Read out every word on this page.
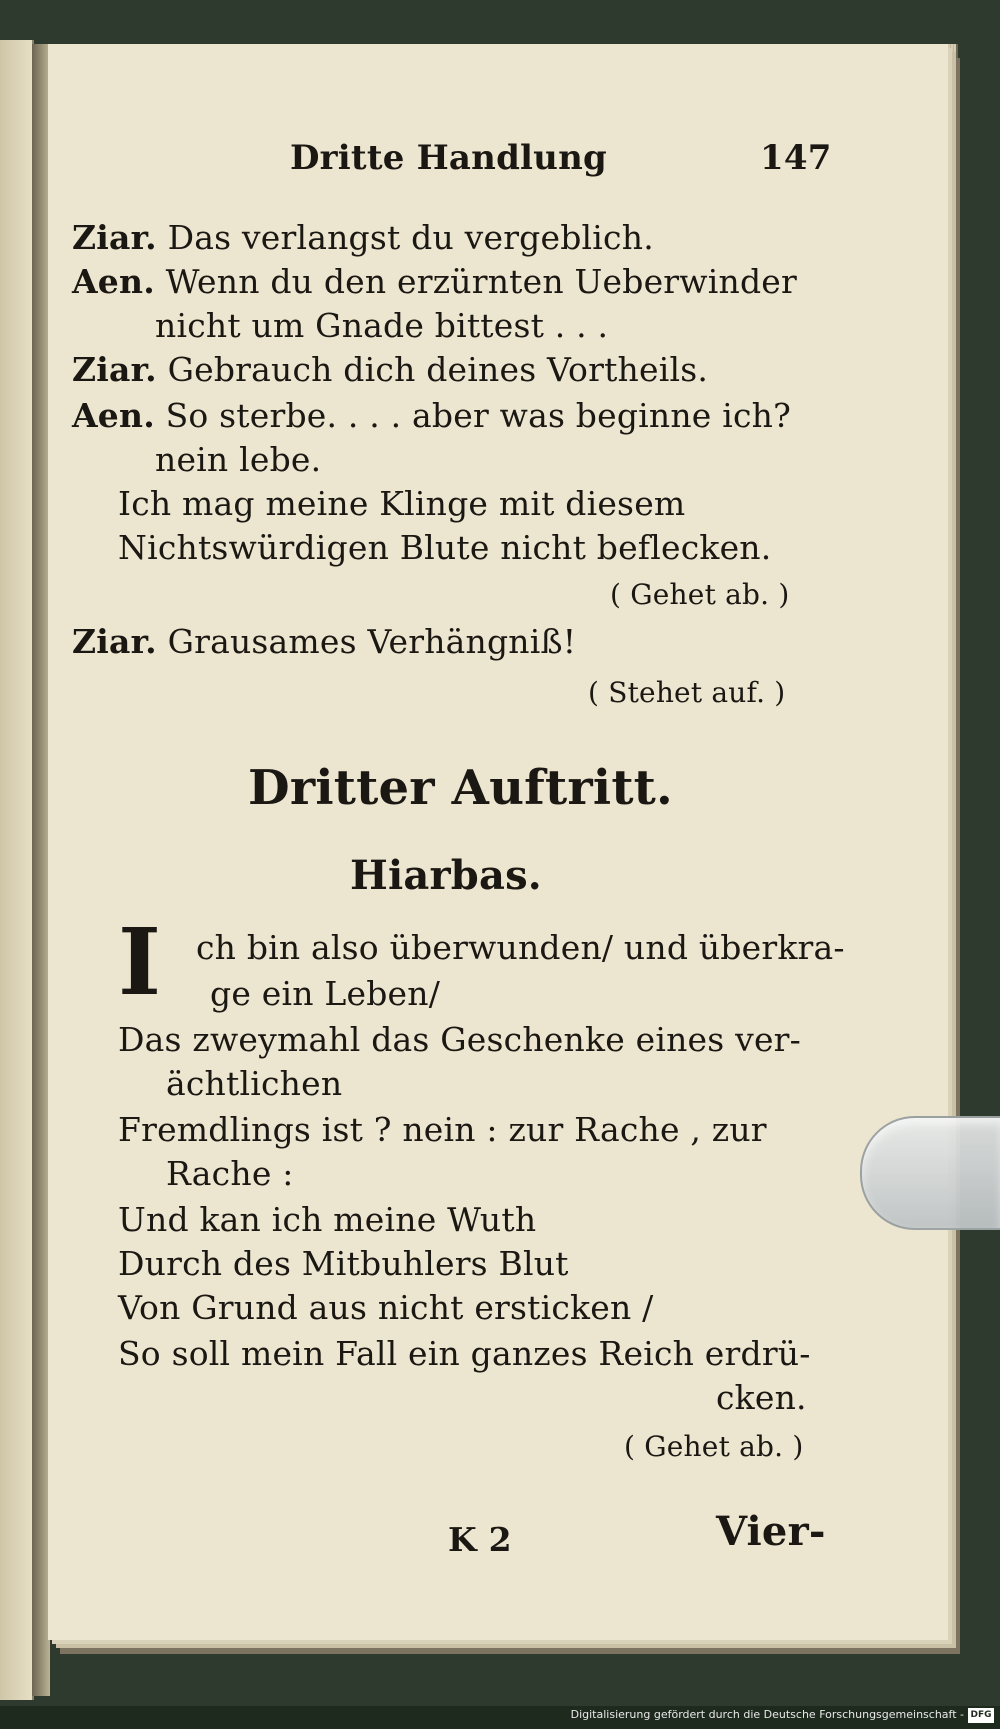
Dritte Handlung	147
Ziar. Das verlangst du vergeblich.
Aen. Wenn du den erzürnten Ueberwinder
nicht um Gnade bittest . . .
Ziar. Gebrauch dich deines Vortheils.
Aen. So sterbe. . . . aber was beginne ich?
nein lebe.
Ich mag meine Klinge mit diesem
Nichtswürdigen Blute nicht beflecken.
( Gehet ab. )
Ziar. Grausames Verhängniß!
( Stehet auf. )
Dritter Auftritt.
Hiarbas.
I ch bin also überwunden/ und überkra-
ge ein Leben/
Das zweymahl das Geschenke eines ver-
ächtlichen
Fremdlings ist ? nein : zur Rache , zur
Rache :
Und kan ich meine Wuth
Durch des Mitbuhlers Blut
Von Grund aus nicht ersticken /
So soll mein Fall ein ganzes Reich erdrü-
cken.
( Gehet ab. )
K 2	Vier-
Digitalisierung gefördert durch die Deutsche Forschungsgemeinschaft - DFG
